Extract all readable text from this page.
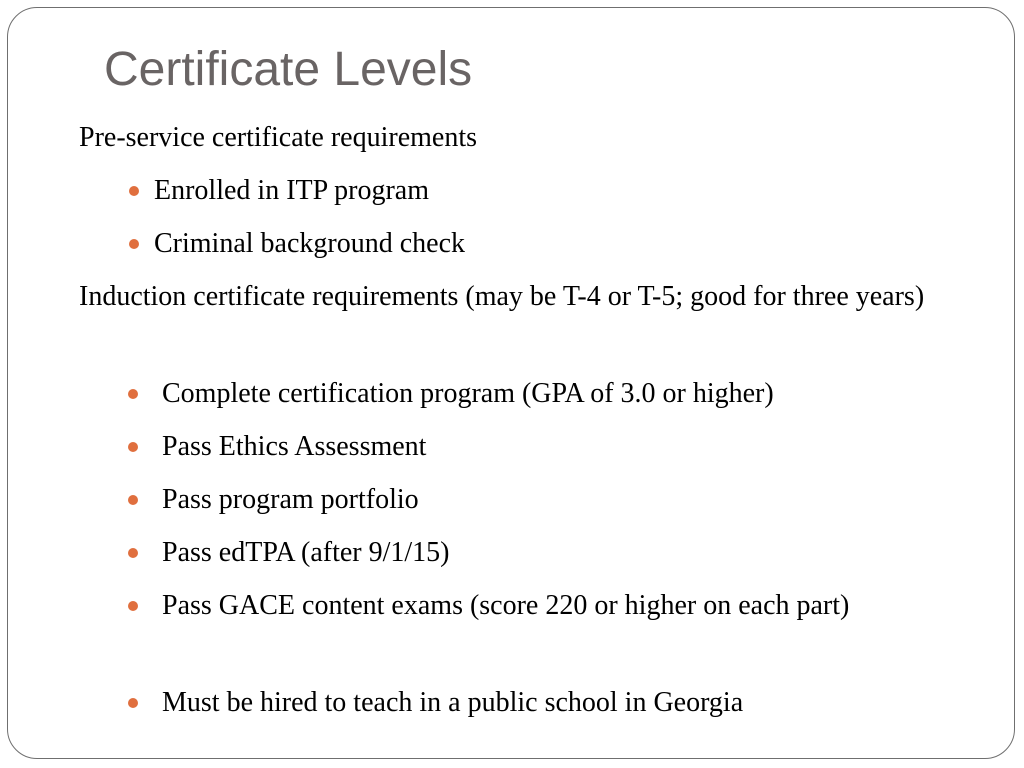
Certificate Levels

Pre-service certificate requirements

Enrolled in ITP program
Criminal background check

Induction certificate requirements (may be T-4 or T-5; good for three years)

Complete certification program (GPA of 3.0 or higher)
Pass Ethics Assessment
Pass program portfolio
Pass edTPA (after 9/1/15)
Pass GACE content exams (score 220 or higher on each part)
Must be hired to teach in a public school in Georgia
